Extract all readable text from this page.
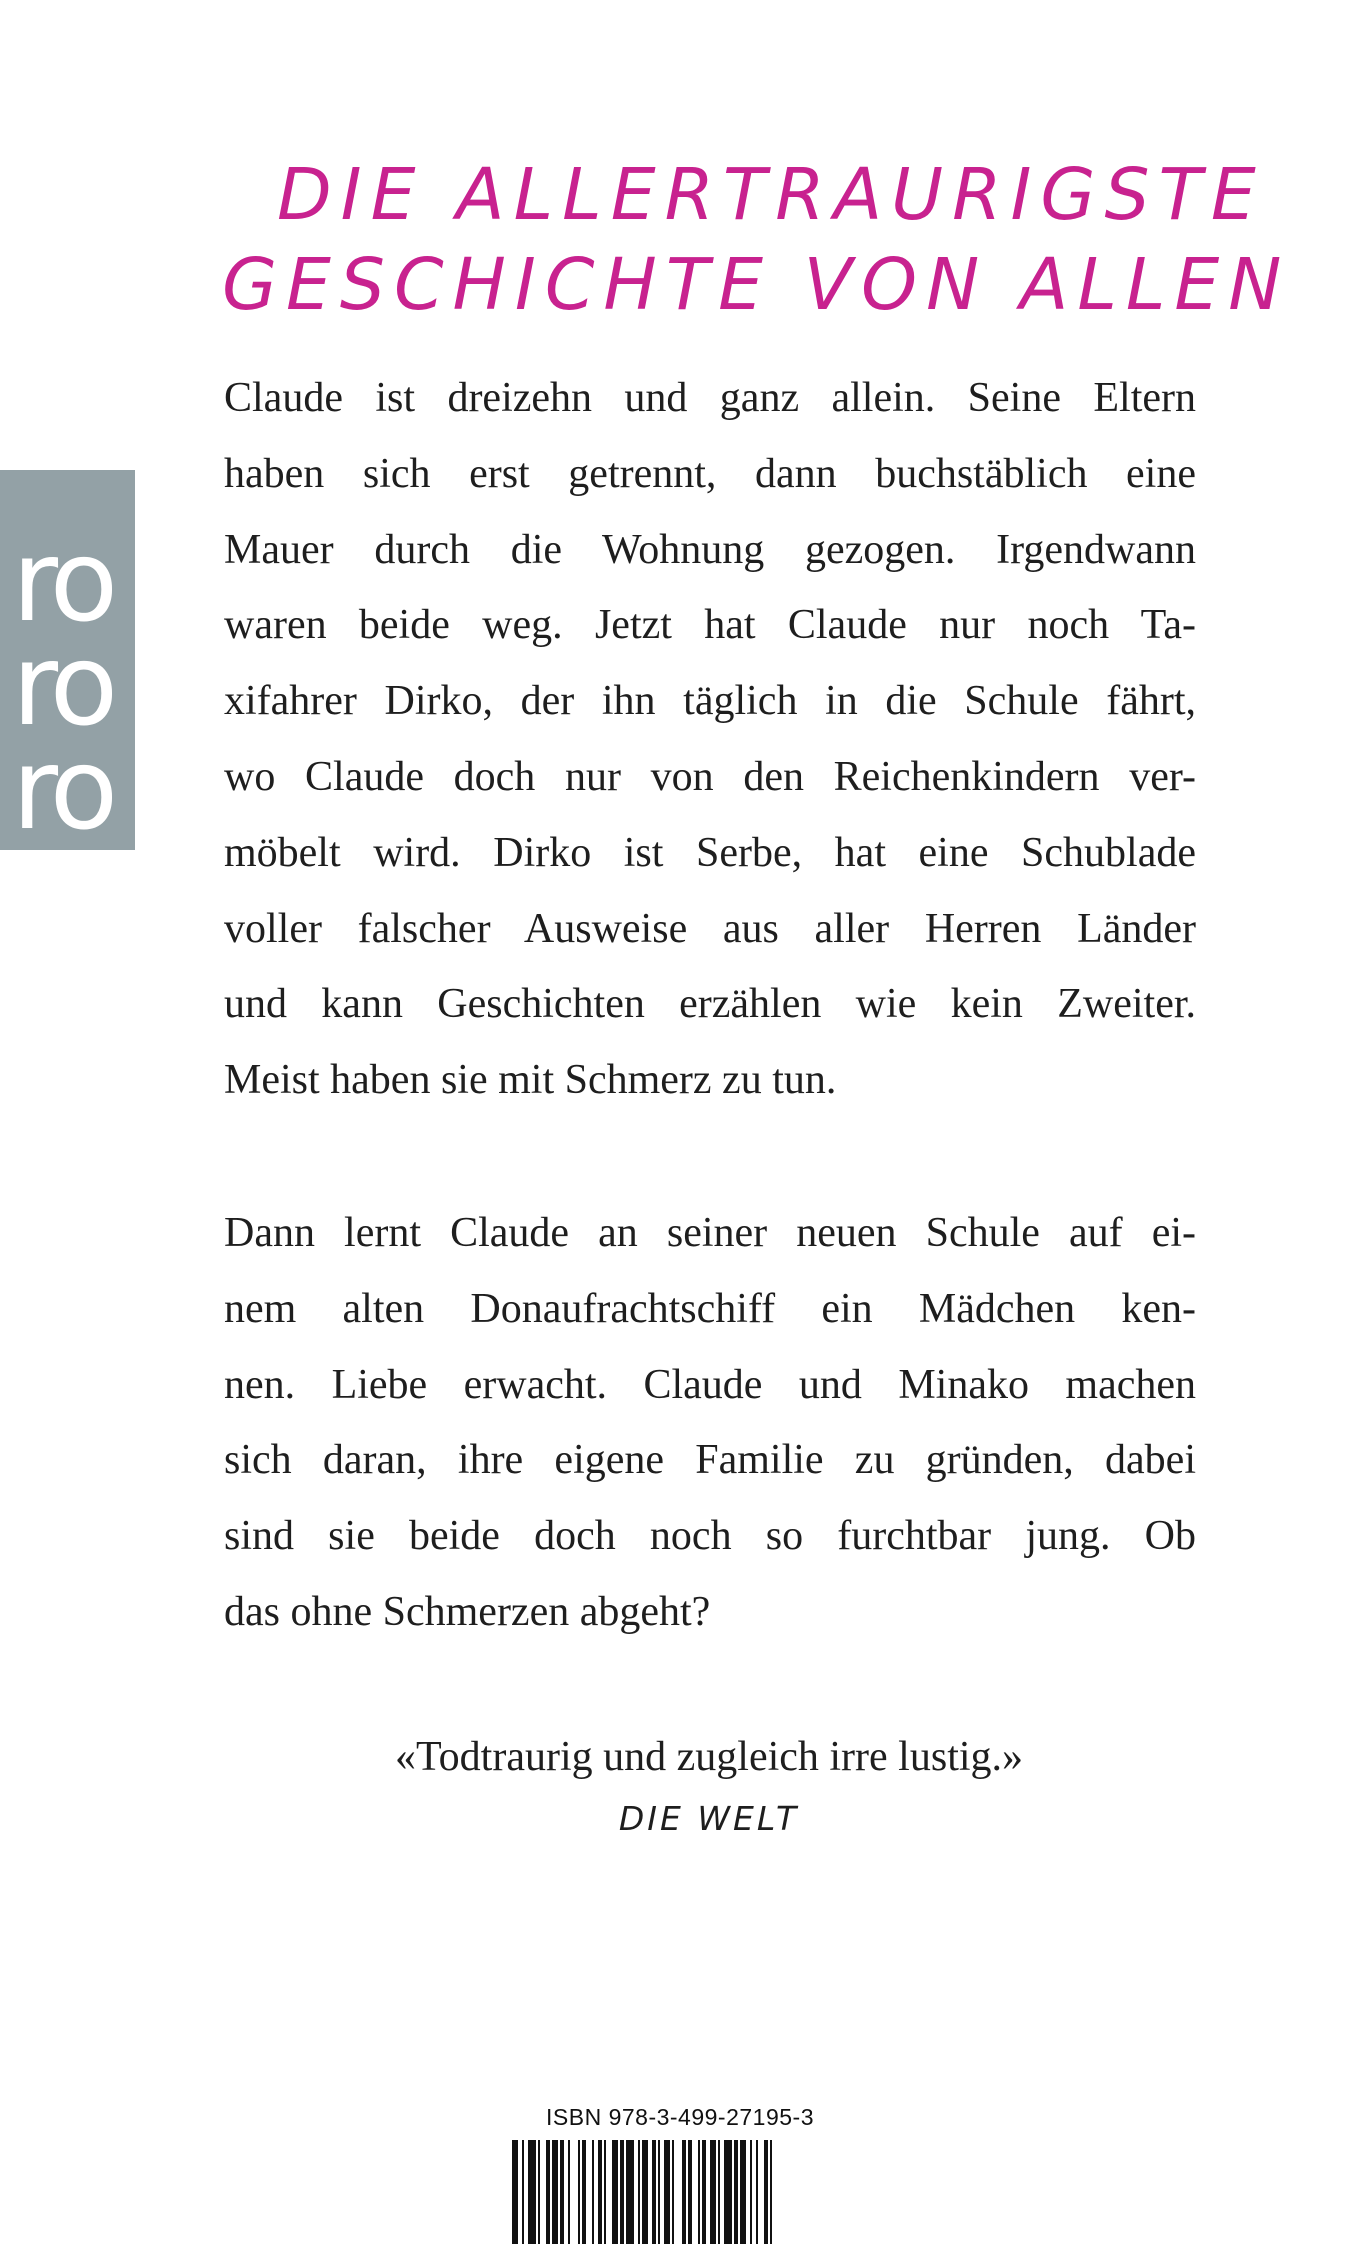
ro
ro
ro
DIE ALLERTRAURIGSTE
GESCHICHTE VON ALLEN

Claude ist dreizehn und ganz allein. Seine Eltern
haben sich erst getrennt, dann buchstäblich eine
Mauer durch die Wohnung gezogen. Irgendwann
waren beide weg. Jetzt hat Claude nur noch Ta-
xifahrer Dirko, der ihn täglich in die Schule fährt,
wo Claude doch nur von den Reichenkindern ver-
möbelt wird. Dirko ist Serbe, hat eine Schublade
voller falscher Ausweise aus aller Herren Länder
und kann Geschichten erzählen wie kein Zweiter.
Meist haben sie mit Schmerz zu tun.

Dann lernt Claude an seiner neuen Schule auf ei-
nem alten Donaufrachtschiff ein Mädchen ken-
nen. Liebe erwacht. Claude und Minako machen
sich daran, ihre eigene Familie zu gründen, dabei
sind sie beide doch noch so furchtbar jung. Ob
das ohne Schmerzen abgeht?

«Todtraurig und zugleich irre lustig.»

DIE WELT
ISBN 978-3-499-27195-3
